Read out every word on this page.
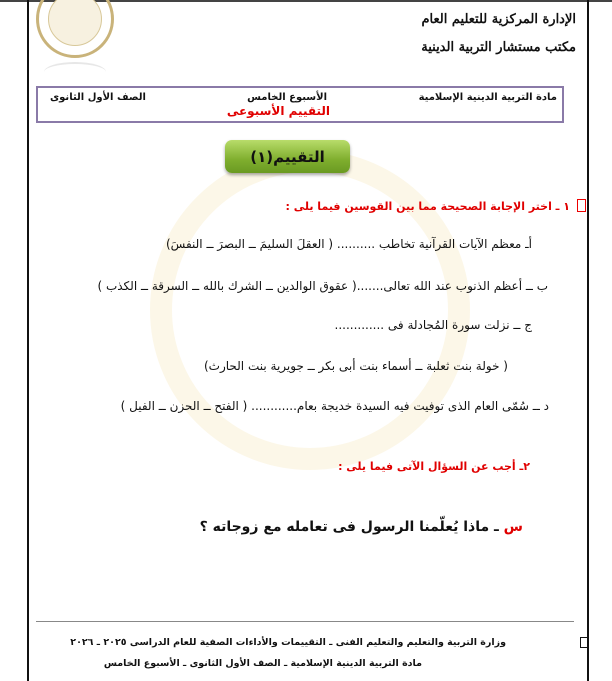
الإدارة المركزية للتعليم العام
مكتب مستشار التربية الدينية
مادة التربية الدينية الإسلامية
الأسبوع الخامس
الصف الأول الثانوى
التقييم الأسبوعى
التقييم(١)
١ ـ اختر الإجابة الصحيحة مما بين القوسين فيما يلى :
أـ معظم الآيات القرآنية تخاطب .......... ( العقلَ السليمَ ــ البصرَ ــ النفسَ)
ب ــ أعظم الذنوب عند الله تعالى.......( عقوق الوالدين ــ الشرك بالله ــ السرقة ــ الكذب )
ج ــ نزلت سورة المُجادلة فى .............
( خولة بنت ثعلبة ــ أسماء بنت أبى بكر ــ جويرية بنت الحارث)
د ــ سُمّى العام الذى توفيت فيه السيدة خديجة بعام............ ( الفتح ــ الحزن ــ الفيل )
٢ـ أجب عن السؤال الآتى فيما يلى :
س ـ ماذا يُعلّمنا الرسول فى تعامله مع زوجاته ؟
وزارة التربية والتعليم والتعليم الفنى ـ التقييمات والأداءات الصفية للعام الدراسى ٢٠٢٥ ـ ٢٠٢٦
مادة التربية الدينية الإسلامية ـ الصف الأول الثانوى ـ الأسبوع الخامس
